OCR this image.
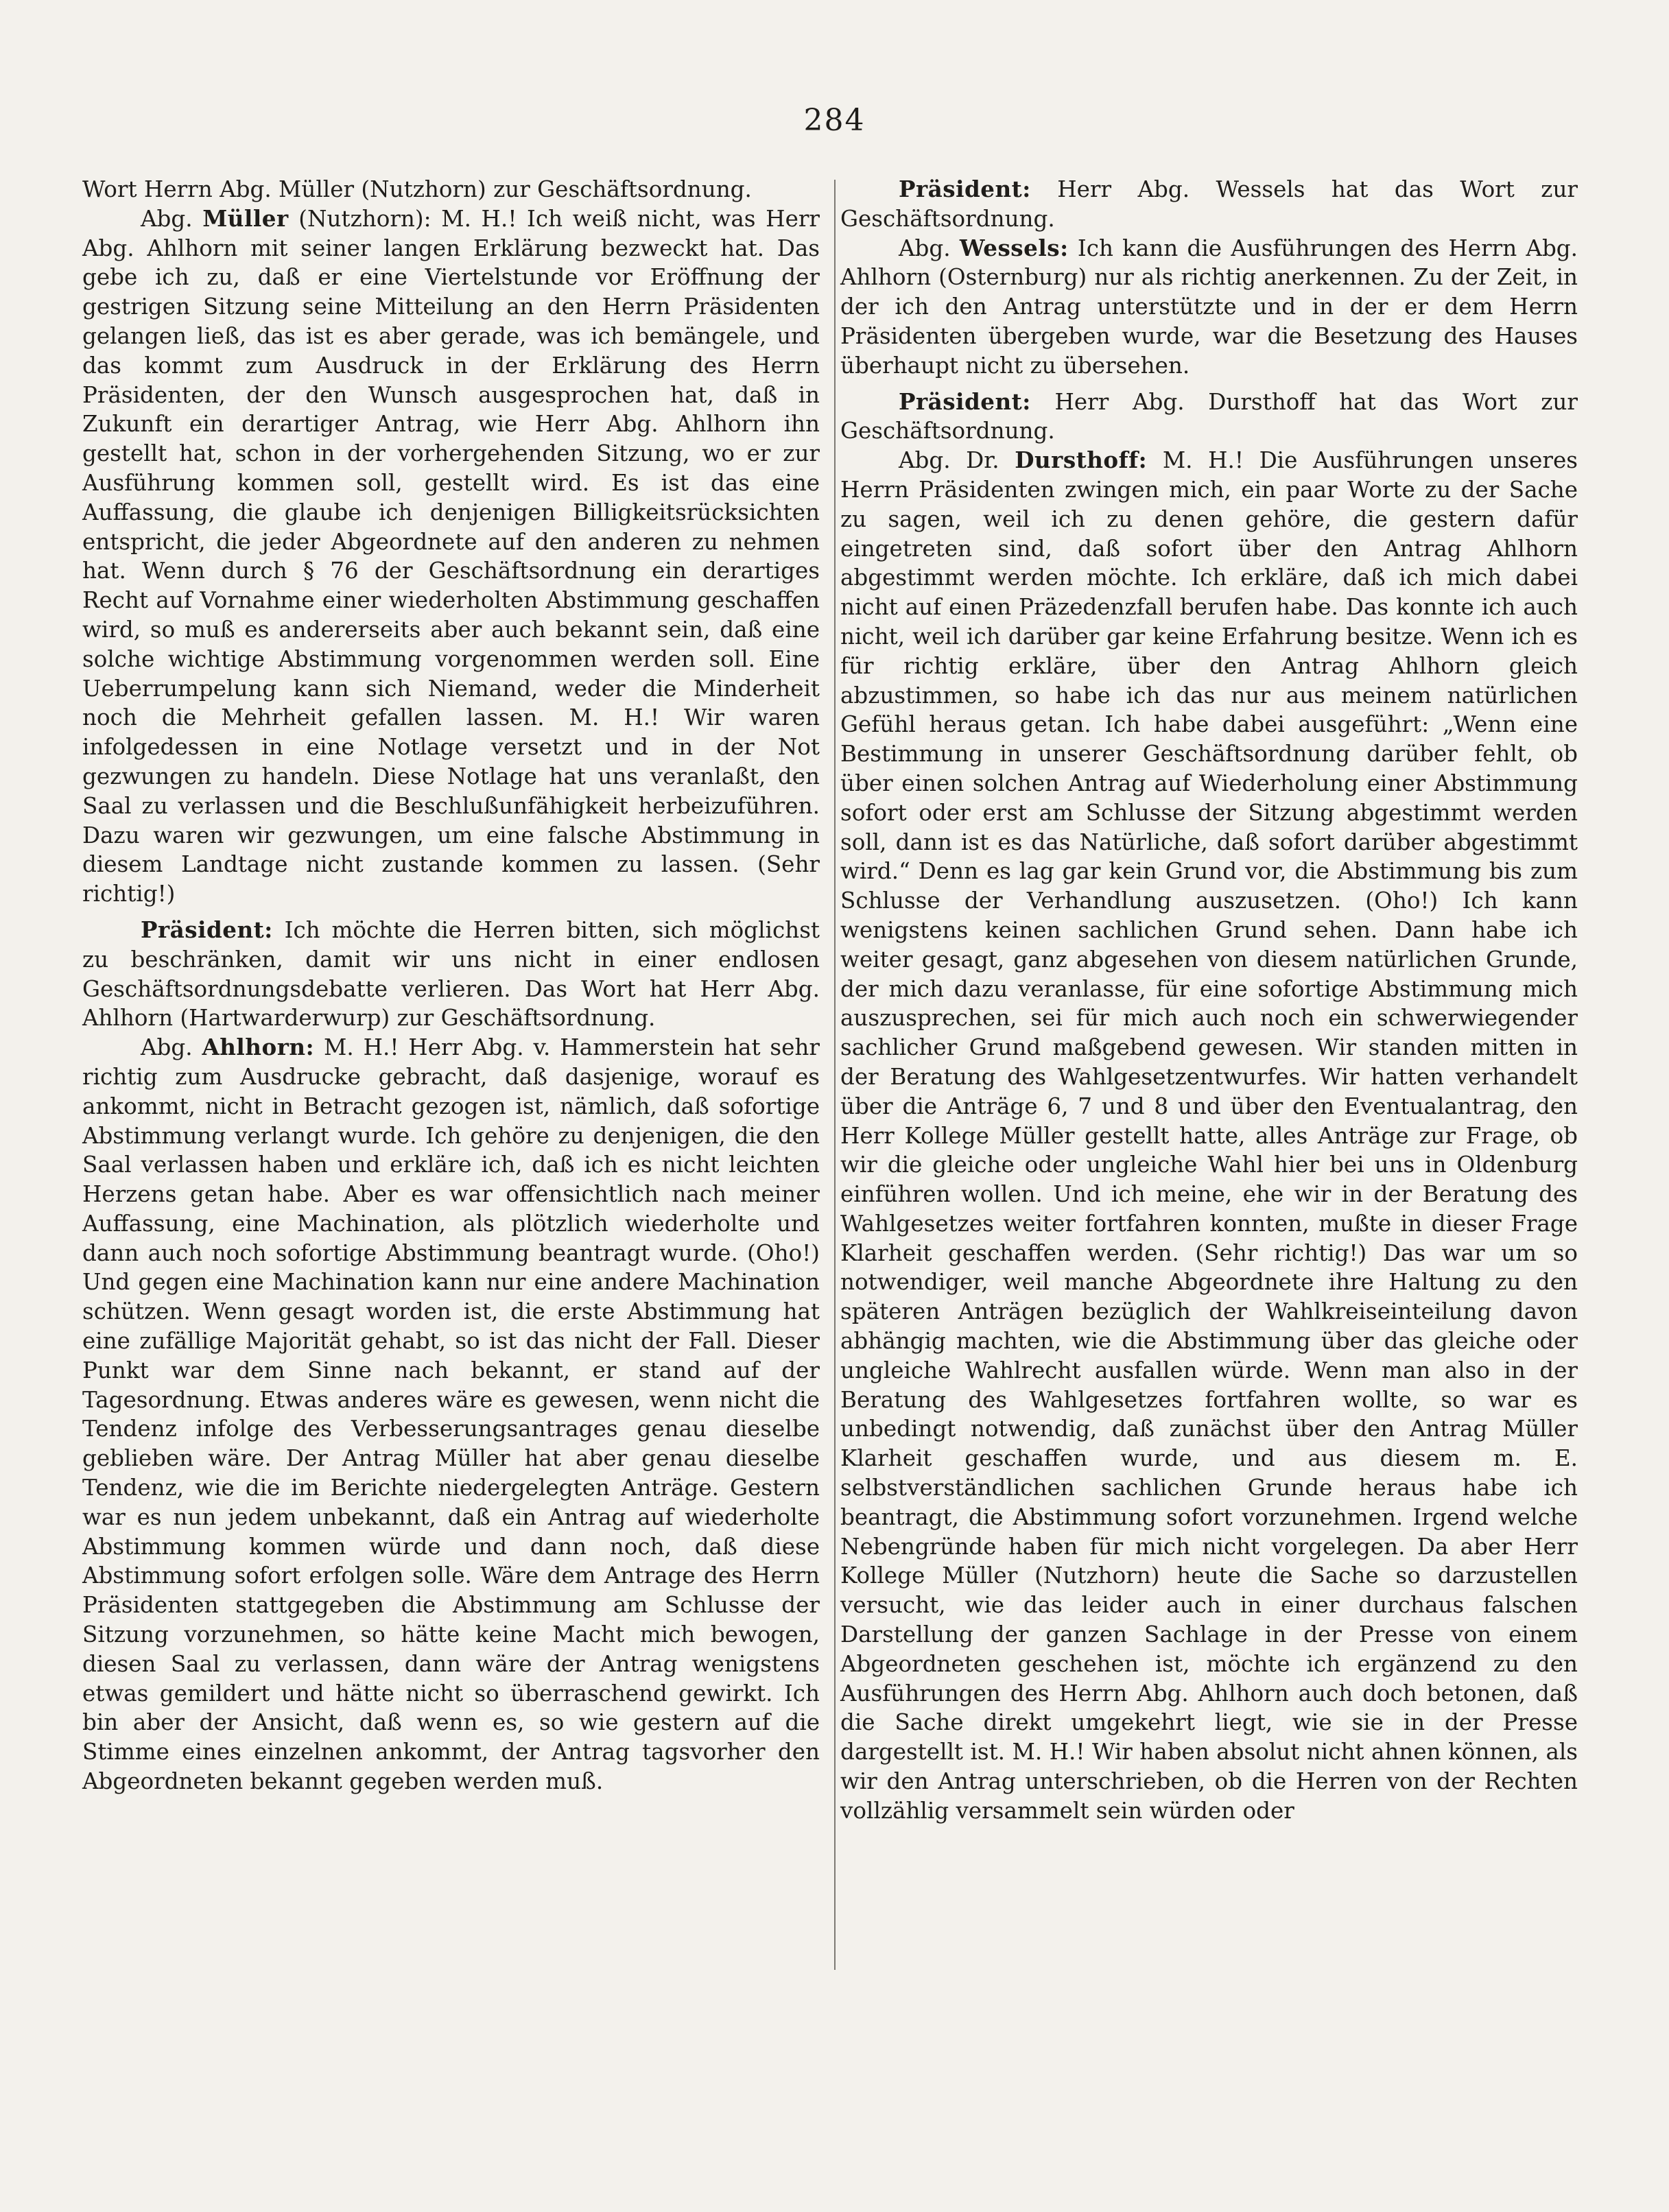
284

Wort Herrn Abg. Müller (Nutzhorn) zur Geschäftsordnung.

Abg. Müller (Nutzhorn): M. H.! Ich weiß nicht, was Herr Abg. Ahlhorn mit seiner langen Erklärung bezweckt hat. Das gebe ich zu, daß er eine Viertelstunde vor Eröffnung der gestrigen Sitzung seine Mitteilung an den Herrn Präsidenten gelangen ließ, das ist es aber gerade, was ich bemängele, und das kommt zum Ausdruck in der Erklärung des Herrn Präsidenten, der den Wunsch ausgesprochen hat, daß in Zukunft ein derartiger Antrag, wie Herr Abg. Ahlhorn ihn gestellt hat, schon in der vorhergehenden Sitzung, wo er zur Ausführung kommen soll, gestellt wird. Es ist das eine Auffassung, die glaube ich denjenigen Billigkeitsrücksichten entspricht, die jeder Abgeordnete auf den anderen zu nehmen hat. Wenn durch § 76 der Geschäftsordnung ein derartiges Recht auf Vornahme einer wiederholten Abstimmung geschaffen wird, so muß es andererseits aber auch bekannt sein, daß eine solche wichtige Abstimmung vorgenommen werden soll. Eine Ueberrumpelung kann sich Niemand, weder die Minderheit noch die Mehrheit gefallen lassen. M. H.! Wir waren infolgedessen in eine Notlage versetzt und in der Not gezwungen zu handeln. Diese Notlage hat uns veranlaßt, den Saal zu verlassen und die Beschlußunfähigkeit herbeizuführen. Dazu waren wir gezwungen, um eine falsche Abstimmung in diesem Landtage nicht zustande kommen zu lassen. (Sehr richtig!)

Präsident: Ich möchte die Herren bitten, sich möglichst zu beschränken, damit wir uns nicht in einer endlosen Geschäftsordnungsdebatte verlieren. Das Wort hat Herr Abg. Ahlhorn (Hartwarderwurp) zur Geschäftsordnung.

Abg. Ahlhorn: M. H.! Herr Abg. v. Hammerstein hat sehr richtig zum Ausdrucke gebracht, daß dasjenige, worauf es ankommt, nicht in Betracht gezogen ist, nämlich, daß sofortige Abstimmung verlangt wurde. Ich gehöre zu denjenigen, die den Saal verlassen haben und erkläre ich, daß ich es nicht leichten Herzens getan habe. Aber es war offensichtlich nach meiner Auffassung, eine Machination, als plötzlich wiederholte und dann auch noch sofortige Abstimmung beantragt wurde. (Oho!) Und gegen eine Machination kann nur eine andere Machination schützen. Wenn gesagt worden ist, die erste Abstimmung hat eine zufällige Majorität gehabt, so ist das nicht der Fall. Dieser Punkt war dem Sinne nach bekannt, er stand auf der Tagesordnung. Etwas anderes wäre es gewesen, wenn nicht die Tendenz infolge des Verbesserungsantrages genau dieselbe geblieben wäre. Der Antrag Müller hat aber genau dieselbe Tendenz, wie die im Berichte niedergelegten Anträge. Gestern war es nun jedem unbekannt, daß ein Antrag auf wiederholte Abstimmung kommen würde und dann noch, daß diese Abstimmung sofort erfolgen solle. Wäre dem Antrage des Herrn Präsidenten stattgegeben die Abstimmung am Schlusse der Sitzung vorzunehmen, so hätte keine Macht mich bewogen, diesen Saal zu verlassen, dann wäre der Antrag wenigstens etwas gemildert und hätte nicht so überraschend gewirkt. Ich bin aber der Ansicht, daß wenn es, so wie gestern auf die Stimme eines einzelnen ankommt, der Antrag tagsvorher den Abgeordneten bekannt gegeben werden muß.

Präsident: Herr Abg. Wessels hat das Wort zur Geschäftsordnung.

Abg. Wessels: Ich kann die Ausführungen des Herrn Abg. Ahlhorn (Osternburg) nur als richtig anerkennen. Zu der Zeit, in der ich den Antrag unterstützte und in der er dem Herrn Präsidenten übergeben wurde, war die Besetzung des Hauses überhaupt nicht zu übersehen.

Präsident: Herr Abg. Dursthoff hat das Wort zur Geschäftsordnung.

Abg. Dr. Dursthoff: M. H.! Die Ausführungen unseres Herrn Präsidenten zwingen mich, ein paar Worte zu der Sache zu sagen, weil ich zu denen gehöre, die gestern dafür eingetreten sind, daß sofort über den Antrag Ahlhorn abgestimmt werden möchte. Ich erkläre, daß ich mich dabei nicht auf einen Präzedenzfall berufen habe. Das konnte ich auch nicht, weil ich darüber gar keine Erfahrung besitze. Wenn ich es für richtig erkläre, über den Antrag Ahlhorn gleich abzustimmen, so habe ich das nur aus meinem natürlichen Gefühl heraus getan. Ich habe dabei ausgeführt: „Wenn eine Bestimmung in unserer Geschäftsordnung darüber fehlt, ob über einen solchen Antrag auf Wiederholung einer Abstimmung sofort oder erst am Schlusse der Sitzung abgestimmt werden soll, dann ist es das Natürliche, daß sofort darüber abgestimmt wird.“ Denn es lag gar kein Grund vor, die Abstimmung bis zum Schlusse der Verhandlung auszusetzen. (Oho!) Ich kann wenigstens keinen sachlichen Grund sehen. Dann habe ich weiter gesagt, ganz abgesehen von diesem natürlichen Grunde, der mich dazu veranlasse, für eine sofortige Abstimmung mich auszusprechen, sei für mich auch noch ein schwerwiegender sachlicher Grund maßgebend gewesen. Wir standen mitten in der Beratung des Wahlgesetzentwurfes. Wir hatten verhandelt über die Anträge 6, 7 und 8 und über den Eventualantrag, den Herr Kollege Müller gestellt hatte, alles Anträge zur Frage, ob wir die gleiche oder ungleiche Wahl hier bei uns in Oldenburg einführen wollen. Und ich meine, ehe wir in der Beratung des Wahlgesetzes weiter fortfahren konnten, mußte in dieser Frage Klarheit geschaffen werden. (Sehr richtig!) Das war um so notwendiger, weil manche Abgeordnete ihre Haltung zu den späteren Anträgen bezüglich der Wahlkreiseinteilung davon abhängig machten, wie die Abstimmung über das gleiche oder ungleiche Wahlrecht ausfallen würde. Wenn man also in der Beratung des Wahlgesetzes fortfahren wollte, so war es unbedingt notwendig, daß zunächst über den Antrag Müller Klarheit geschaffen wurde, und aus diesem m. E. selbstverständlichen sachlichen Grunde heraus habe ich beantragt, die Abstimmung sofort vorzunehmen. Irgend welche Nebengründe haben für mich nicht vorgelegen. Da aber Herr Kollege Müller (Nutzhorn) heute die Sache so darzustellen versucht, wie das leider auch in einer durchaus falschen Darstellung der ganzen Sachlage in der Presse von einem Abgeordneten geschehen ist, möchte ich ergänzend zu den Ausführungen des Herrn Abg. Ahlhorn auch doch betonen, daß die Sache direkt umgekehrt liegt, wie sie in der Presse dargestellt ist. M. H.! Wir haben absolut nicht ahnen können, als wir den Antrag unterschrieben, ob die Herren von der Rechten vollzählig versammelt sein würden oder
